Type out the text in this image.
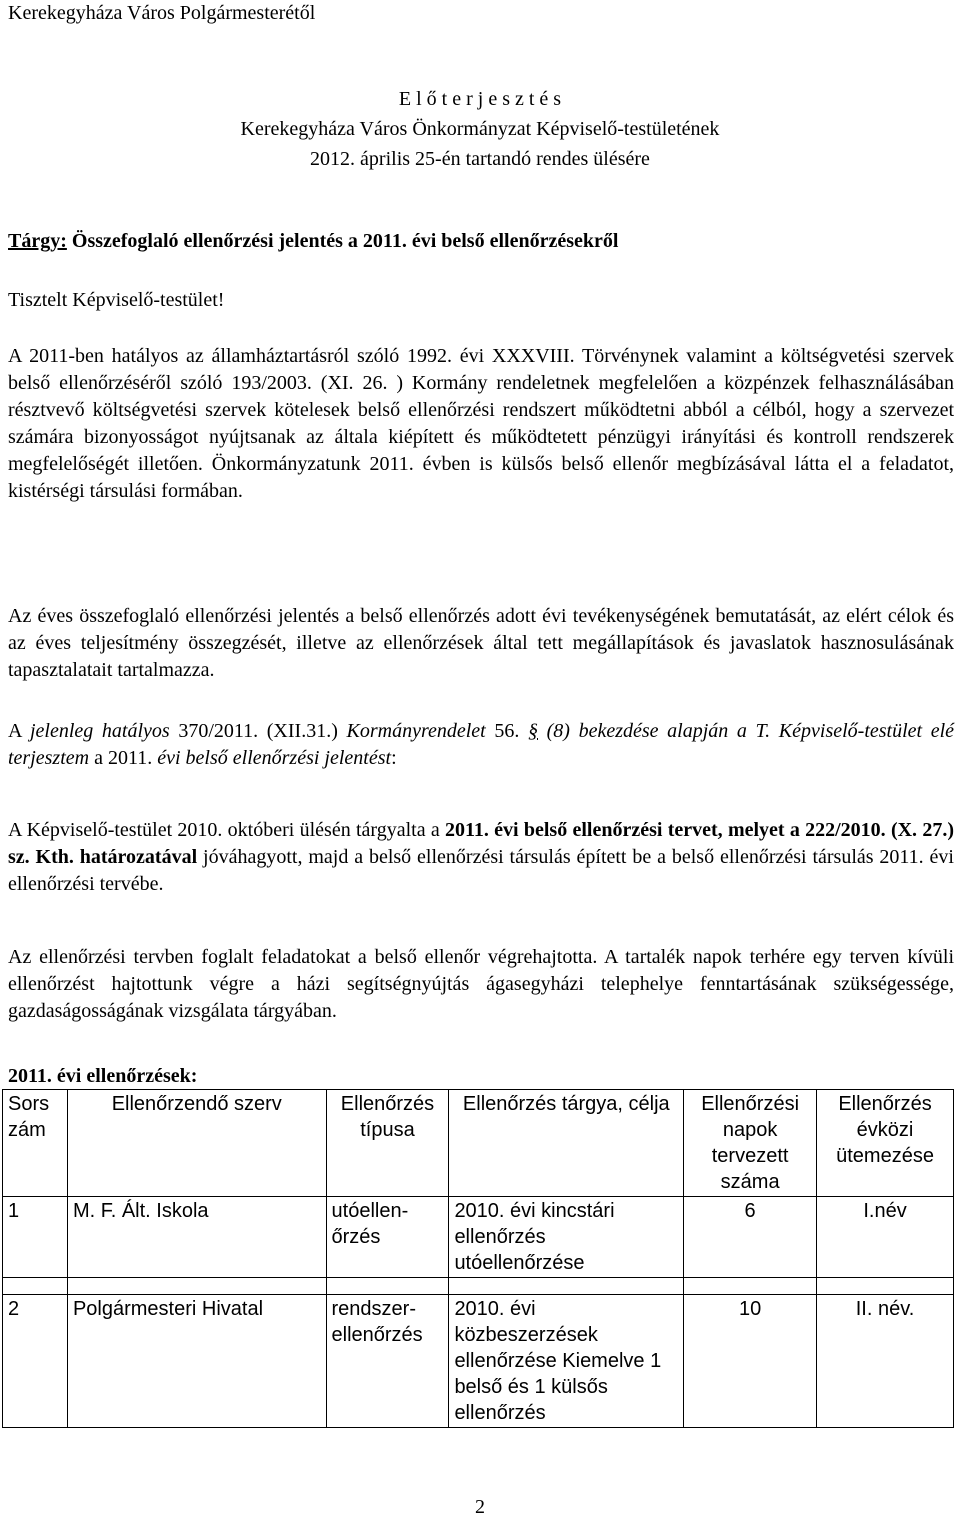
Kerekegyháza Város Polgármesterétől
E l ő t e r j e s z t é s
Kerekegyháza Város Önkormányzat Képviselő-testületének
2012. április 25-én tartandó rendes ülésére
Tárgy: Összefoglaló ellenőrzési jelentés a 2011. évi belső ellenőrzésekről
Tisztelt Képviselő-testület!

A 2011-ben hatályos az államháztartásról szóló 1992. évi XXXVIII. Törvénynek valamint a költségvetési szervek belső ellenőrzéséről szóló 193/2003. (XI. 26. ) Kormány rendeletnek megfelelően a közpénzek felhasználásában résztvevő költségvetési szervek kötelesek belső ellenőrzési rendszert működtetni abból a célból, hogy a szervezet számára bizonyosságot nyújtsanak az általa kiépített és működtetett pénzügyi irányítási és kontroll rendszerek megfelelőségét illetően. Önkormányzatunk 2011. évben is külsős belső ellenőr megbízásával látta el a feladatot, kistérségi társulási formában.

Az éves összefoglaló ellenőrzési jelentés a belső ellenőrzés adott évi tevékenységének bemutatását, az elért célok és az éves teljesítmény összegzését, illetve az ellenőrzések által tett megállapítások és javaslatok hasznosulásának tapasztalatait tartalmazza.

A jelenleg hatályos 370/2011. (XII.31.) Kormányrendelet 56. § (8) bekezdése alapján a T. Képviselő-testület elé terjesztem a 2011. évi belső ellenőrzési jelentést:

A Képviselő-testület 2010. októberi ülésén tárgyalta a 2011. évi belső ellenőrzési tervet, melyet a 222/2010. (X. 27.) sz. Kth. határozatával jóváhagyott, majd a belső ellenőrzési társulás épített be a belső ellenőrzési társulás 2011. évi ellenőrzési tervébe.

Az ellenőrzési tervben foglalt feladatokat a belső ellenőr végrehajtotta. A tartalék napok terhére egy terven kívüli ellenőrzést hajtottunk végre a házi segítségnyújtás ágasegyházi telephelye fenntartásának szükségessége, gazdaságosságának vizsgálata tárgyában.

2011. évi ellenőrzések:
Sors zám	Ellenőrzendő szerv	Ellenőrzés típusa	Ellenőrzés tárgya, célja	Ellenőrzési napok tervezett száma	Ellenőrzés évközi ütemezése
1	M. F. Ált. Iskola	utóellen-őrzés	2010. évi kincstári ellenőrzés utóellenőrzése	6	I.név

2	Polgármesteri Hivatal	rendszer-ellenőrzés	2010. évi közbeszerzések ellenőrzése Kiemelve 1 belső és 1 külsős ellenőrzés	10	II. név.
2
